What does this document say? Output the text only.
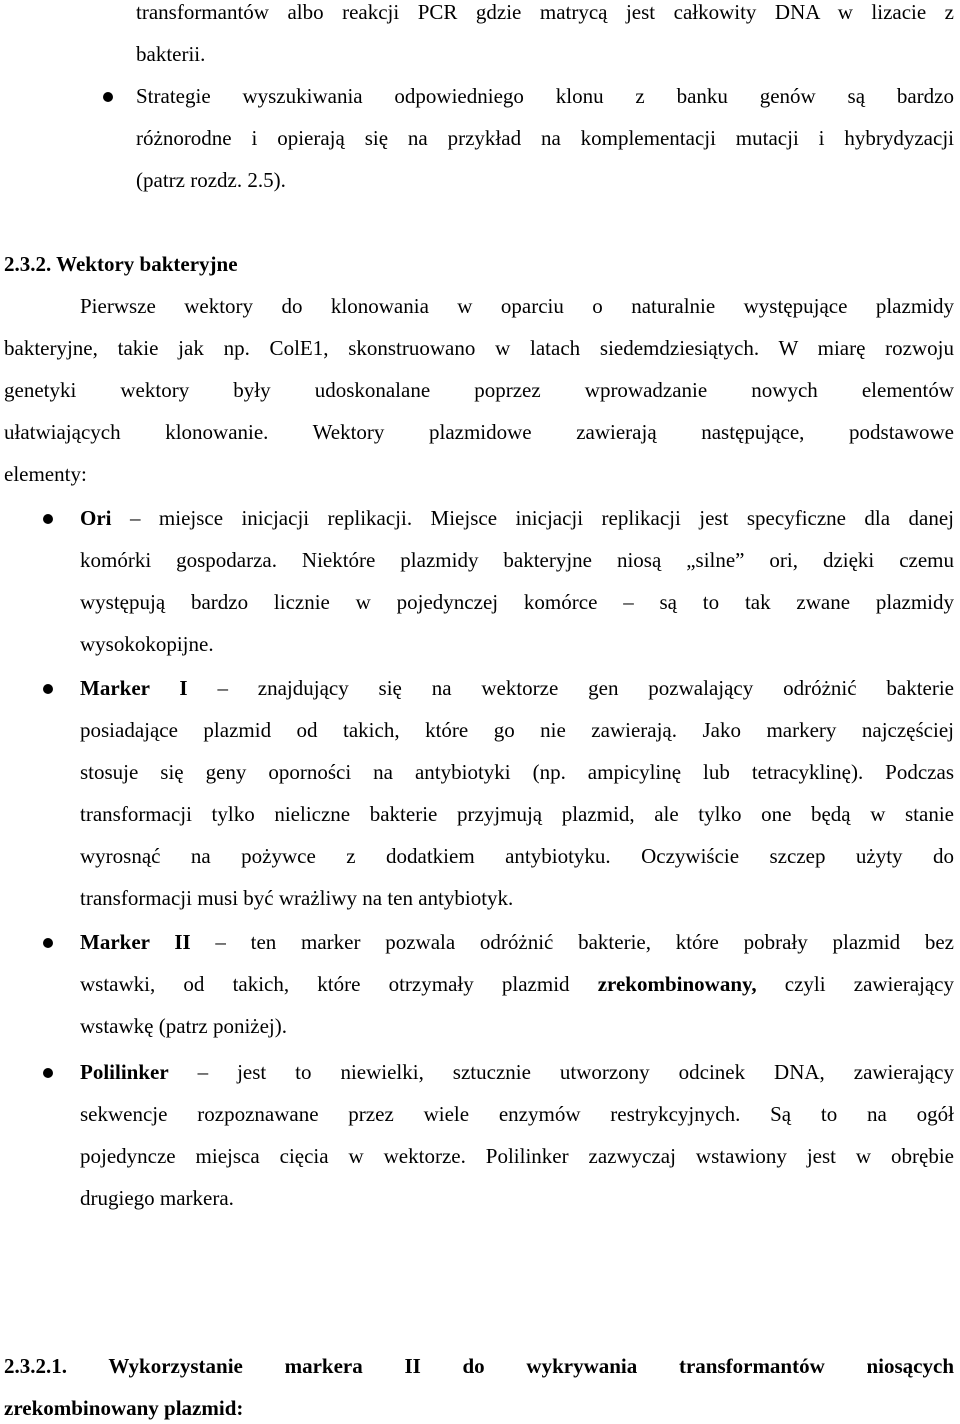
transformantów albo reakcji PCR gdzie matrycą jest całkowity DNA w lizacie z
bakterii.
Strategie wyszukiwania odpowiedniego klonu z banku genów są bardzo
różnorodne i opierają się na przykład na komplementacji mutacji i hybrydyzacji
(patrz rozdz. 2.5).
2.3.2. Wektory bakteryjne
Pierwsze wektory do klonowania w oparciu o naturalnie występujące plazmidy
bakteryjne, takie jak np. ColE1, skonstruowano w latach siedemdziesiątych. W miarę rozwoju
genetyki wektory były udoskonalane poprzez wprowadzanie nowych elementów
ułatwiających klonowanie. Wektory plazmidowe zawierają następujące, podstawowe
elementy:
Ori – miejsce inicjacji replikacji. Miejsce inicjacji replikacji jest specyficzne dla danej
komórki gospodarza. Niektóre plazmidy bakteryjne niosą „silne” ori, dzięki czemu
występują bardzo licznie w pojedynczej komórce – są to tak zwane plazmidy
wysokokopijne.
Marker I – znajdujący się na wektorze gen pozwalający odróżnić bakterie
posiadające plazmid od takich, które go nie zawierają. Jako markery najczęściej
stosuje się geny oporności na antybiotyki (np. ampicylinę lub tetracyklinę). Podczas
transformacji tylko nieliczne bakterie przyjmują plazmid, ale tylko one będą w stanie
wyrosnąć na pożywce z dodatkiem antybiotyku. Oczywiście szczep użyty do
transformacji musi być wrażliwy na ten antybiotyk.
Marker II – ten marker pozwala odróżnić bakterie, które pobrały plazmid bez
wstawki, od takich, które otrzymały plazmid zrekombinowany, czyli zawierający
wstawkę (patrz poniżej).
Polilinker – jest to niewielki, sztucznie utworzony odcinek DNA, zawierający
sekwencje rozpoznawane przez wiele enzymów restrykcyjnych. Są to na ogół
pojedyncze miejsca cięcia w wektorze. Polilinker zazwyczaj wstawiony jest w obrębie
drugiego markera.
2.3.2.1. Wykorzystanie markera II do wykrywania transformantów niosących
zrekombinowany plazmid:
